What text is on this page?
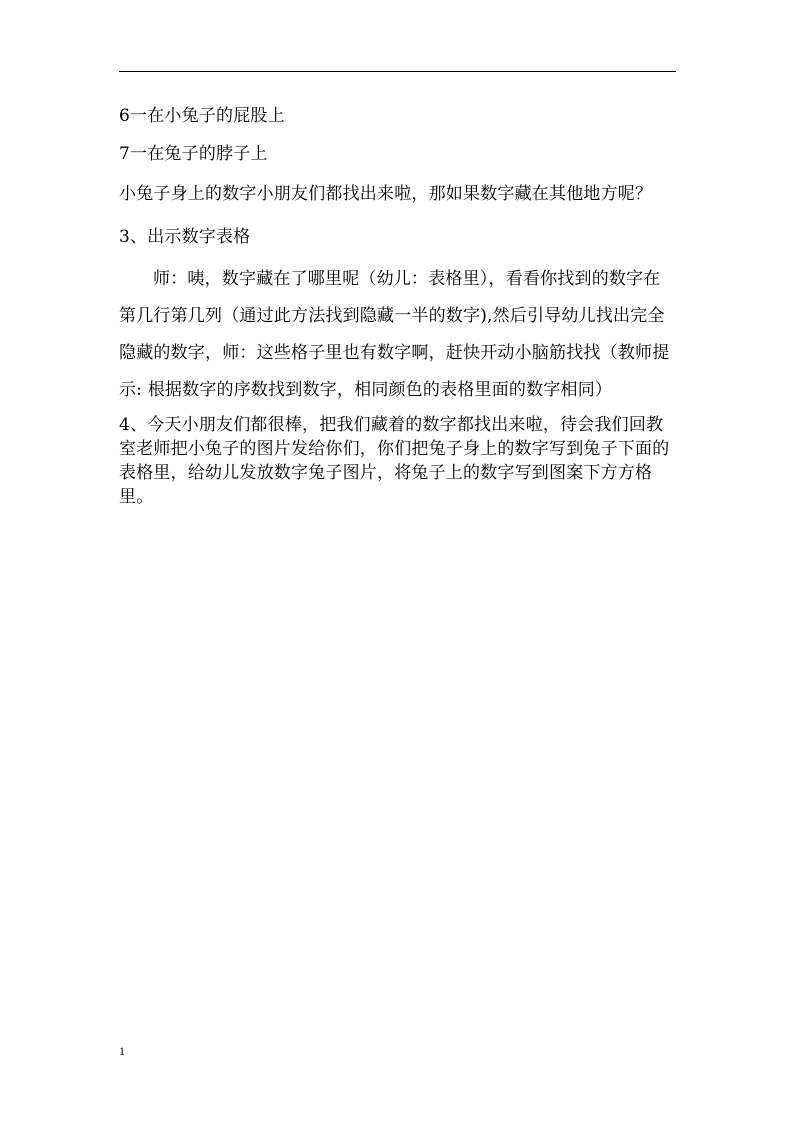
6一在小兔子的屁股上

7一在兔子的脖子上

小兔子身上的数字小朋友们都找出来啦，那如果数字藏在其他地方呢？

3、出示数字表格

师：咦，数字藏在了哪里呢（幼儿：表格里），看看你找到的数字在第几行第几列（通过此方法找到隐藏一半的数字),然后引导幼儿找出完全隐藏的数字，师：这些格子里也有数字啊，赶快开动小脑筋找找（教师提示: 根据数字的序数找到数字，相同颜色的表格里面的数字相同）

4、今天小朋友们都很棒，把我们藏着的数字都找出来啦，待会我们回教室老师把小兔子的图片发给你们，你们把兔子身上的数字写到兔子下面的表格里，给幼儿发放数字兔子图片，将兔子上的数字写到图案下方方格里。

1
